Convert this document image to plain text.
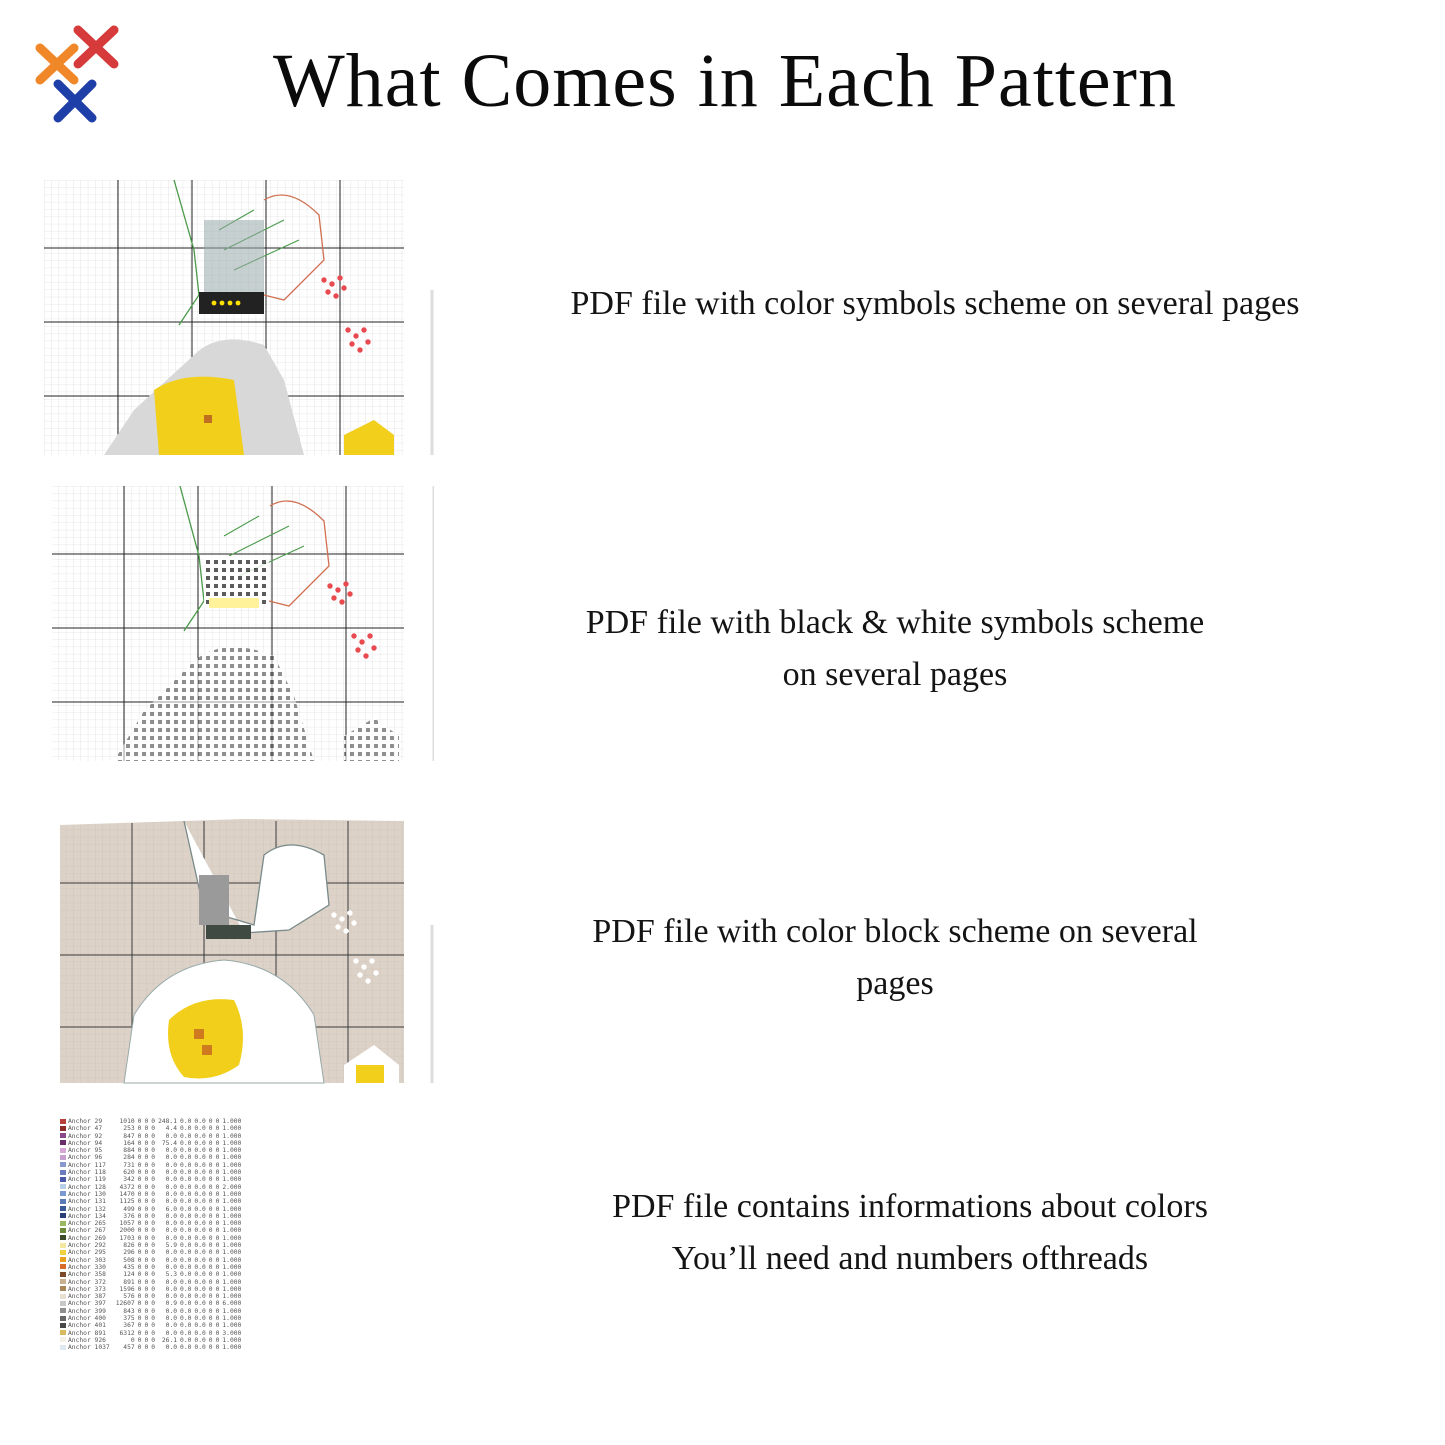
What Comes in Each Pattern
PDF file with color symbols scheme on several pages
PDF file with black & white symbols scheme
on several pages
PDF file with color block scheme on several
pages
	Anchor 29	1010	0	0	0	248.1	0.0	0.0	0	0	1.000
	Anchor 47	253	0	0	0	4.4	0.0	0.0	0	0	1.000
	Anchor 92	847	0	0	0	0.0	0.0	0.0	0	0	1.000
	Anchor 94	164	0	0	0	75.4	0.0	0.0	0	0	1.000
	Anchor 95	884	0	0	0	0.0	0.0	0.0	0	0	1.000
	Anchor 96	284	0	0	0	0.0	0.0	0.0	0	0	1.000
	Anchor 117	731	0	0	0	0.0	0.0	0.0	0	0	1.000
	Anchor 118	620	0	0	0	0.0	0.0	0.0	0	0	1.000
	Anchor 119	342	0	0	0	0.0	0.0	0.0	0	0	1.000
	Anchor 128	4372	0	0	0	0.0	0.0	0.0	0	0	2.000
	Anchor 130	1470	0	0	0	0.0	0.0	0.0	0	0	1.000
	Anchor 131	1125	0	0	0	0.0	0.0	0.0	0	0	1.000
	Anchor 132	499	0	0	0	6.0	0.0	0.0	0	0	1.000
	Anchor 134	376	0	0	0	0.0	0.0	0.0	0	0	1.000
	Anchor 265	1057	0	0	0	0.0	0.0	0.0	0	0	1.000
	Anchor 267	2000	0	0	0	0.0	0.0	0.0	0	0	1.000
	Anchor 269	1703	0	0	0	0.0	0.0	0.0	0	0	1.000
	Anchor 292	826	0	0	0	5.9	0.0	0.0	0	0	1.000
	Anchor 295	296	0	0	0	0.0	0.0	0.0	0	0	1.000
	Anchor 303	508	0	0	0	0.0	0.0	0.0	0	0	1.000
	Anchor 330	435	0	0	0	0.0	0.0	0.0	0	0	1.000
	Anchor 358	124	0	0	0	5.3	0.0	0.0	0	0	1.000
	Anchor 372	891	0	0	0	0.0	0.0	0.0	0	0	1.000
	Anchor 373	1596	0	0	0	0.0	0.0	0.0	0	0	1.000
	Anchor 387	576	0	0	0	0.0	0.0	0.0	0	0	1.000
	Anchor 397	12607	0	0	0	0.9	0.0	0.0	0	0	6.000
	Anchor 399	843	0	0	0	0.0	0.0	0.0	0	0	1.000
	Anchor 400	375	0	0	0	0.0	0.0	0.0	0	0	1.000
	Anchor 401	367	0	0	0	0.0	0.0	0.0	0	0	1.000
	Anchor 891	6312	0	0	0	0.0	0.0	0.0	0	0	3.000
	Anchor 926	0	0	0	0	26.1	0.0	0.0	0	0	1.000
	Anchor 1037	457	0	0	0	0.0	0.0	0.0	0	0	1.000
PDF file contains informations about colors
You’ll need and numbers ofthreads
